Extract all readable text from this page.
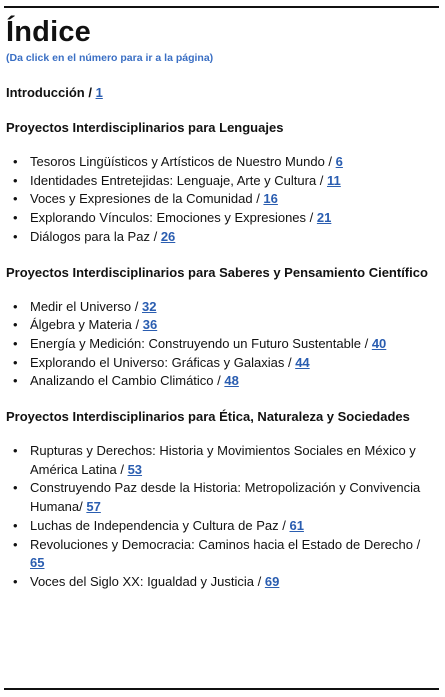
Índice
(Da click en el número para ir a la página)
Introducción / 1
Proyectos Interdisciplinarios para Lenguajes
• Tesoros Lingüísticos y Artísticos de Nuestro Mundo / 6
• Identidades Entretejidas: Lenguaje, Arte y Cultura / 11
• Voces y Expresiones de la Comunidad / 16
• Explorando Vínculos: Emociones y Expresiones / 21
• Diálogos para la Paz / 26
Proyectos Interdisciplinarios para Saberes y Pensamiento Científico
• Medir el Universo / 32
• Álgebra y Materia / 36
• Energía y Medición: Construyendo un Futuro Sustentable / 40
• Explorando el Universo: Gráficas y Galaxias / 44
• Analizando el Cambio Climático / 48
Proyectos Interdisciplinarios para Ética, Naturaleza y Sociedades
• Rupturas y Derechos: Historia y Movimientos Sociales en México y América Latina / 53
• Construyendo Paz desde la Historia: Metropolización y Convivencia Humana/ 57
• Luchas de Independencia y Cultura de Paz / 61
• Revoluciones y Democracia: Caminos hacia el Estado de Derecho / 65
• Voces del Siglo XX: Igualdad y Justicia / 69
